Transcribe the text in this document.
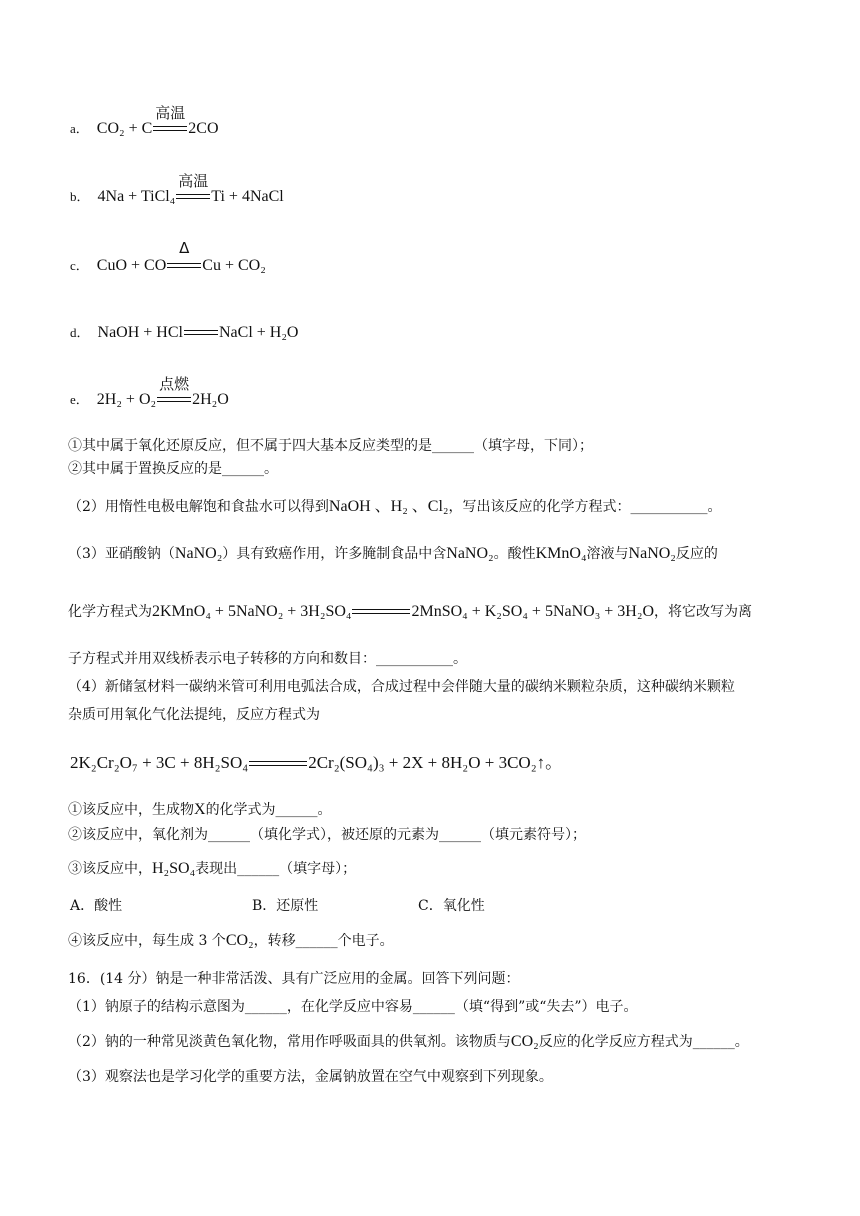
a． CO₂ + C
高温
2CO
b． 4Na + TiCl₄
高温
Ti + 4NaCl
c． CuO + CO
Δ
Cu + CO₂
d． NaOH + HCl NaCl + H₂O
e． 2H₂ + O₂
点燃
2H₂O
①其中属于氧化还原反应，但不属于四大基本反应类型的是______（填字母，下同）；
②其中属于置换反应的是______。
（2）用惰性电极电解饱和食盐水可以得到NaOH 、H₂ 、Cl₂，写出该反应的化学方程式：___________。
（3）亚硝酸钠（NaNO₂）具有致癌作用，许多腌制食品中含NaNO₂。酸性KMnO₄溶液与NaNO₂反应的
化学方程式为2KMnO₄ + 5NaNO₂ + 3H₂SO₄	2MnSO₄ + K₂SO₄ + 5NaNO₃ + 3H₂O，将它改写为离
子方程式并用双线桥表示电子转移的方向和数目：___________。
（4）新储氢材料一碳纳米管可利用电弧法合成，合成过程中会伴随大量的碳纳米颗粒杂质，这种碳纳米颗粒
杂质可用氧化气化法提纯，反应方程式为
2K₂Cr₂O₇ + 3C + 8H₂SO₄	2Cr₂(SO₄)₃ + 2X + 8H₂O + 3CO₂↑。
①该反应中，生成物X的化学式为______。
②该反应中，氧化剂为______（填化学式），被还原的元素为______（填元素符号）；
③该反应中，H₂SO₄表现出______（填字母）；
A．酸性	B．还原性	C．氧化性
④该反应中，每生成 3 个CO₂，转移______个电子。
16．(14 分）钠是一种非常活泼、具有广泛应用的金属。回答下列问题：
（1）钠原子的结构示意图为______，在化学反应中容易______（填“得到”或“失去”）电子。
（2）钠的一种常见淡黄色氧化物，常用作呼吸面具的供氧剂。该物质与CO₂反应的化学反应方程式为______。
（3）观察法也是学习化学的重要方法，金属钠放置在空气中观察到下列现象。
